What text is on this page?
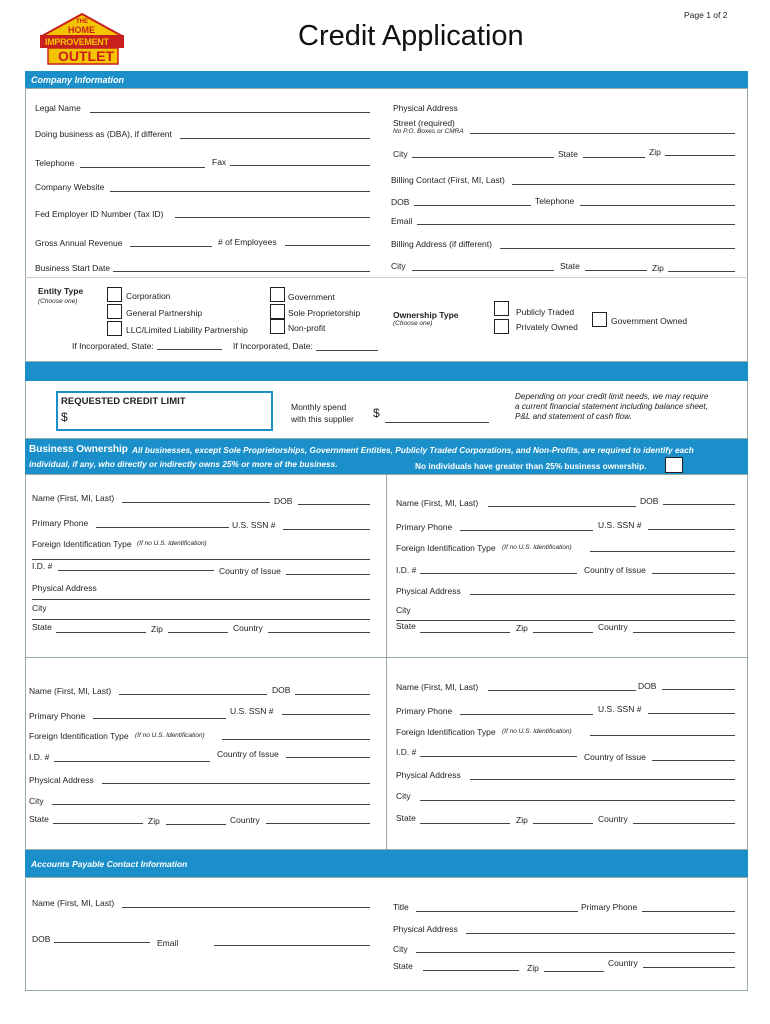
THE
HOME
IMPROVEMENT
OUTLET
Page 1 of 2
Credit Application
Company Information
Legal Name
Doing business as (DBA), if different
Telephone	Fax
Company Website
Fed Employer ID Number (Tax ID)
Gross Annual Revenue	# of Employees
Business Start Date
Physical Address
Street (required)
No P.O. Boxes or CMRA
City	State	Zip
Billing Contact (First, MI, Last)
DOB	Telephone
Email
Billing Address (if different)
City	State	Zip
Entity Type
(Choose one)
Corporation
General Partnership
LLC/Limited Liability Partnership
Government
Sole Proprietorship
Non-profit
If Incorporated, State:	If Incorporated, Date:
Ownership Type
(Choose one)
Publicly Traded
Privately Owned
Government Owned
REQUESTED CREDIT LIMIT
$
Monthly spend
with this supplier $
Depending on your credit limit needs, we may require a current financial statement including balance sheet, P&L and statement of cash flow.
Business Ownership All businesses, except Sole Proprietorships, Government Entities, Publicly Traded Corporations, and Non-Profits, are required to identify each
individual, if any, who directly or indirectly owns 25% or more of the business.	No individuals have greater than 25% business ownership.
Name (First, MI, Last)	DOB
Primary Phone	U.S. SSN #
Foreign Identification Type (If no U.S. Identification)
I.D. #	Country of Issue
Physical Address
City
State	Zip	Country
Name (First, MI, Last)	DOB
Primary Phone	U.S. SSN #
Foreign Identification Type (If no U.S. Identification)
I.D. #	Country of Issue
Physical Address
City
State	Zip	Country
Name (First, MI, Last)	DOB
Primary Phone	U.S. SSN #
Foreign Identification Type (If no U.S. Identification)
I.D. #	Country of Issue
Physical Address
City
State	Zip	Country
Name (First, MI, Last)	DOB
Primary Phone	U.S. SSN #
Foreign Identification Type (If no U.S. Identification)
I.D. #	Country of Issue
Physical Address
City
State	Zip	Country
Accounts Payable Contact Information
Name (First, MI, Last)
DOB	Email
Title	Primary Phone
Physical Address
City
State	Zip	Country
